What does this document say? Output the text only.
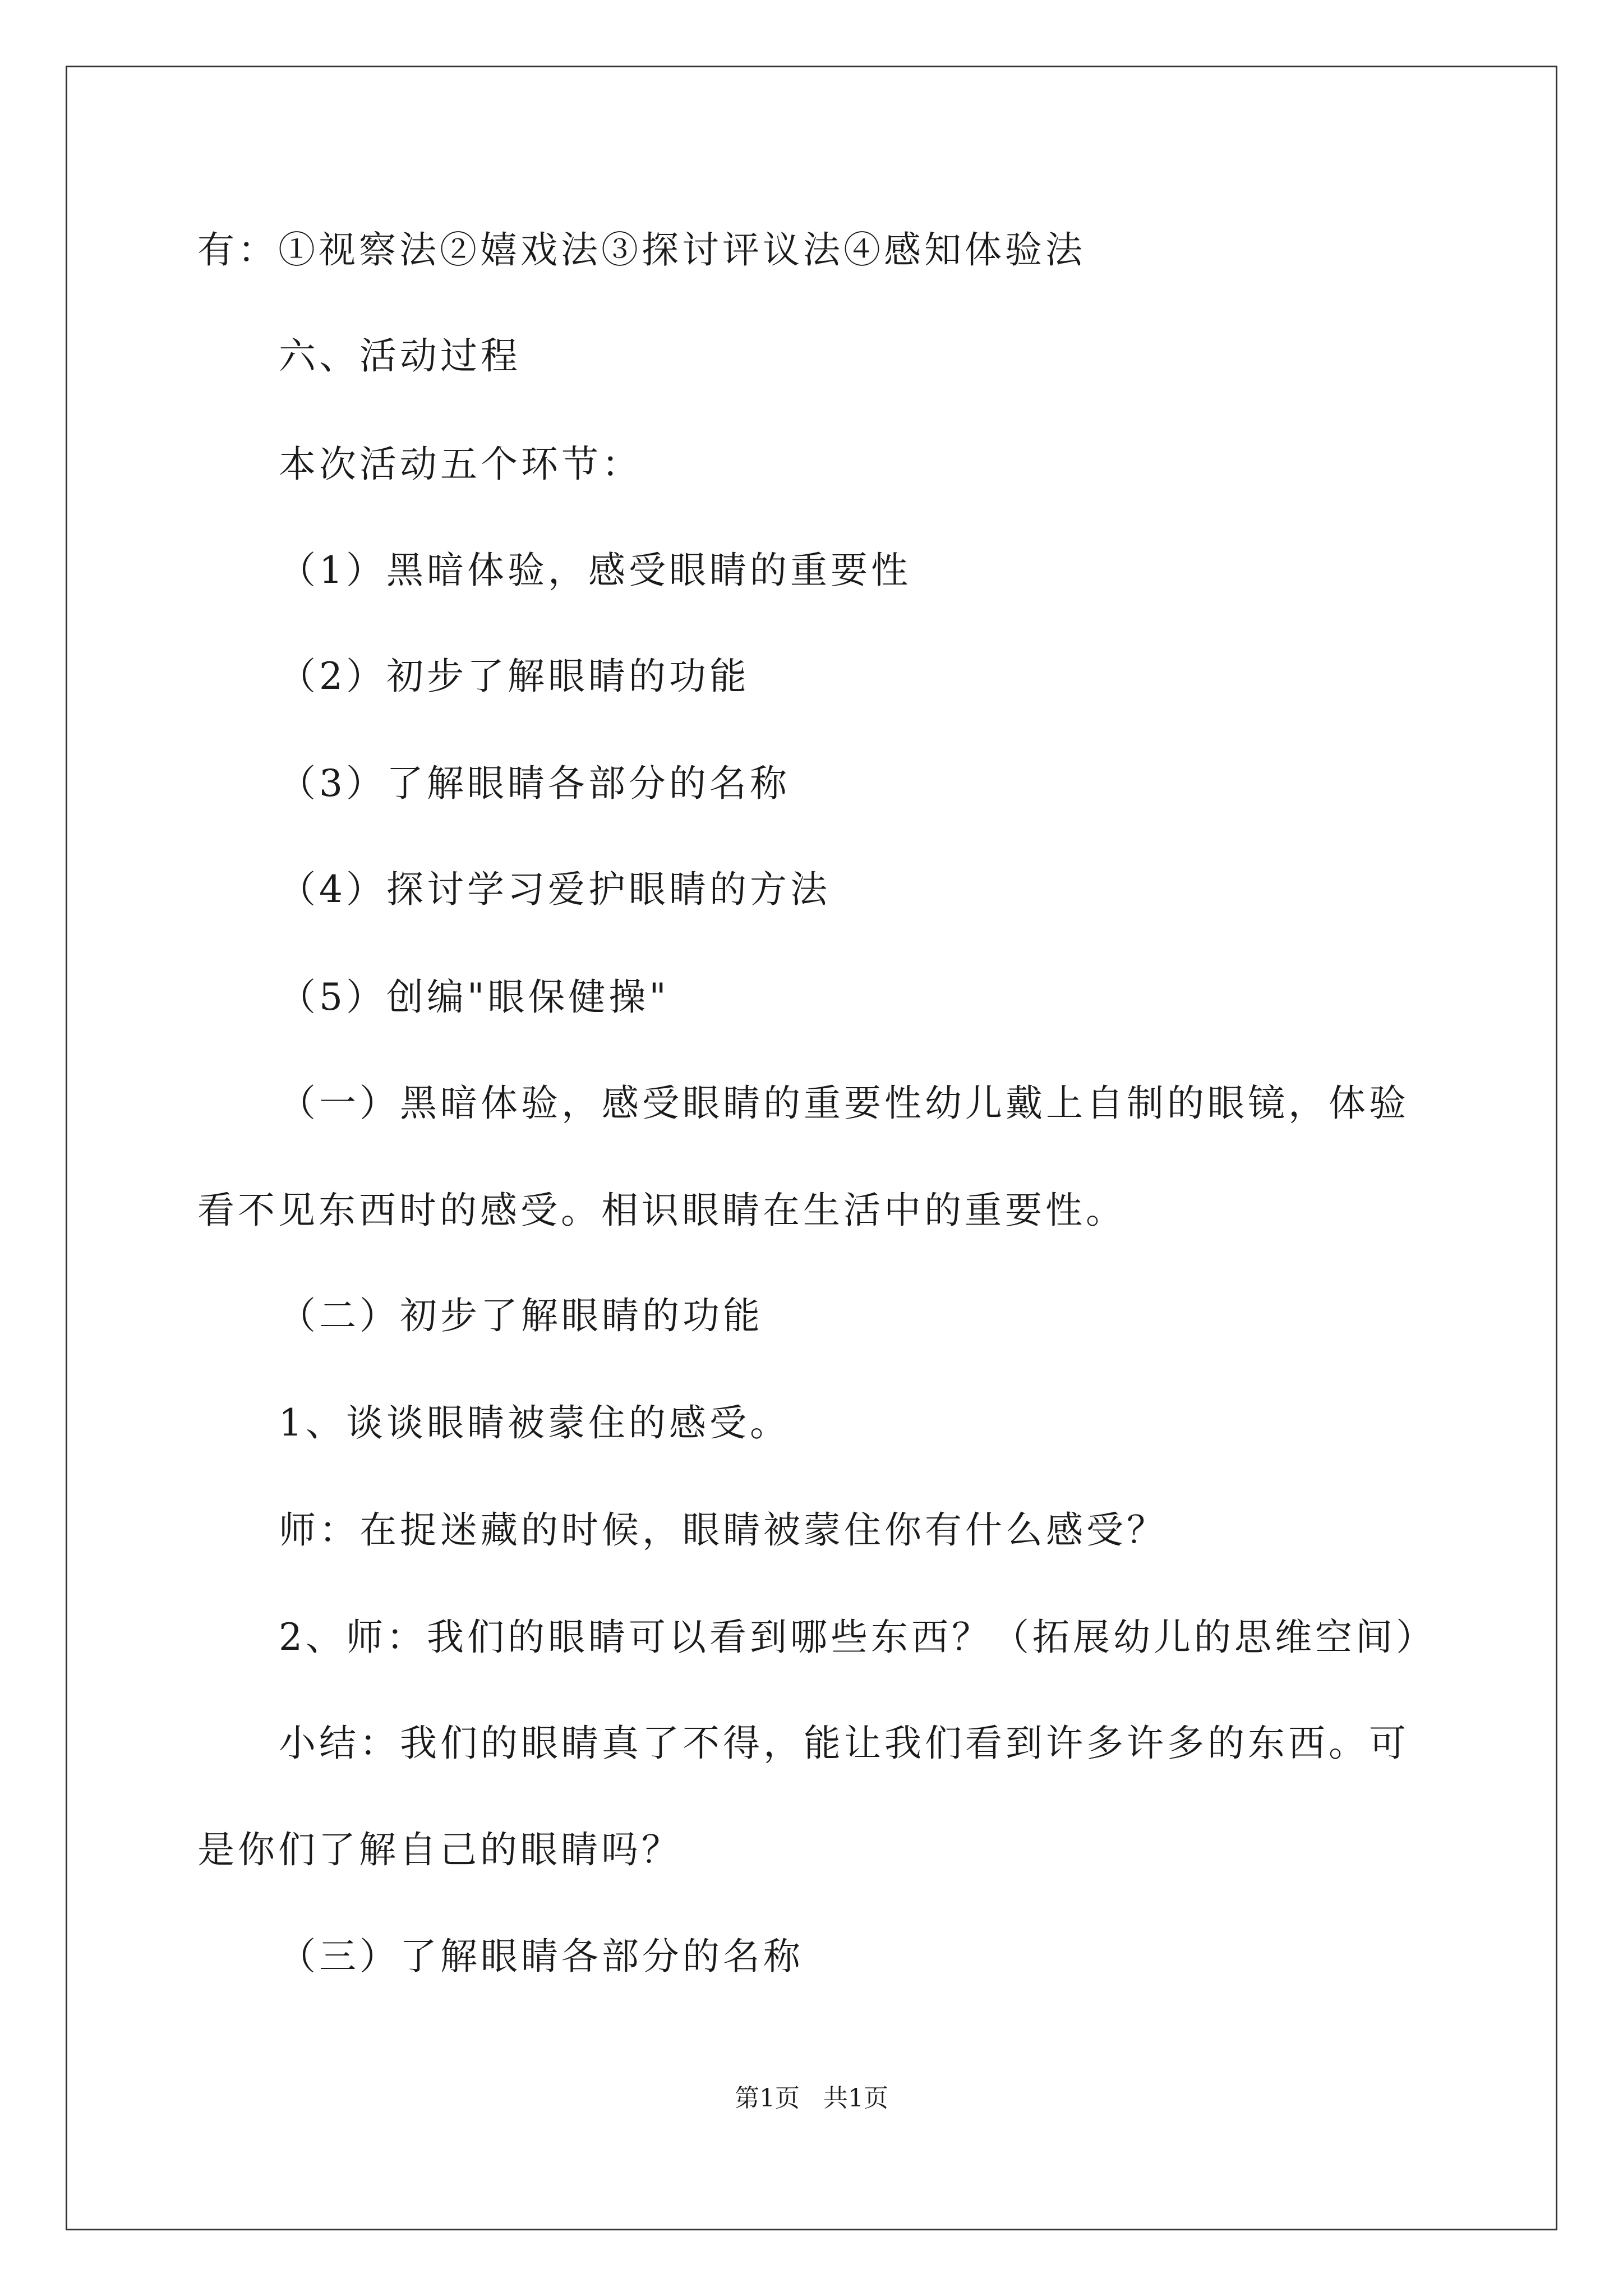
有：①视察法②嬉戏法③探讨评议法④感知体验法
六、活动过程
本次活动五个环节：
（1）黑暗体验，感受眼睛的重要性
（2）初步了解眼睛的功能
（3）了解眼睛各部分的名称
（4）探讨学习爱护眼睛的方法
（5）创编"眼保健操"
（一）黑暗体验，感受眼睛的重要性幼儿戴上自制的眼镜，体验
看不见东西时的感受。相识眼睛在生活中的重要性。
（二）初步了解眼睛的功能
1、谈谈眼睛被蒙住的感受。
师：在捉迷藏的时候，眼睛被蒙住你有什么感受？
2、师：我们的眼睛可以看到哪些东西？（拓展幼儿的思维空间）
小结：我们的眼睛真了不得，能让我们看到许多许多的东西。可
是你们了解自己的眼睛吗？
（三）了解眼睛各部分的名称
第1页   共1页
